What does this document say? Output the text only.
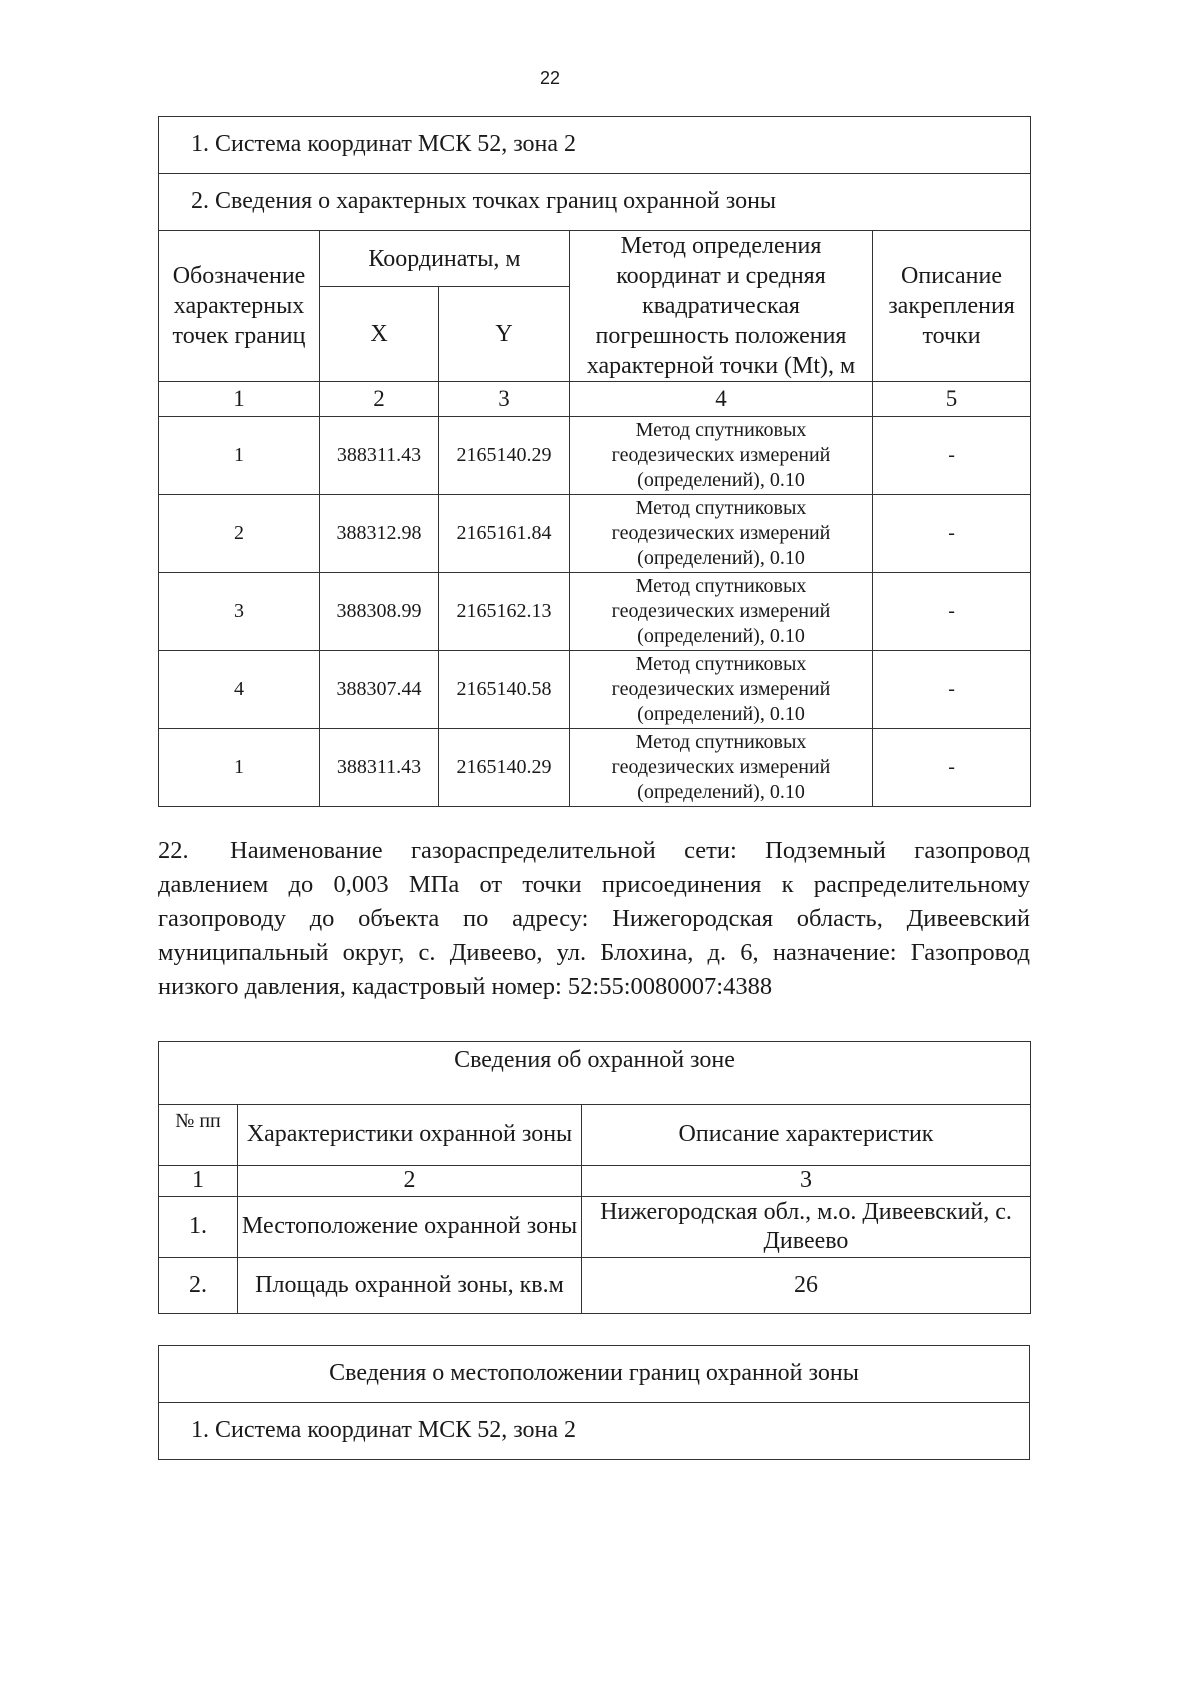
22
1. Система координат МСК 52, зона 2				
2. Сведения о характерных точках границ охранной зоны				
Обозначение характерных точек границ	Координаты, м		Метод определения координат и средняя квадратическая погрешность положения характерной точки (Mt), м	Описание закрепления точки
	X	Y		
1	2	3	4	5
1	388311.43	2165140.29	Метод спутниковых геодезических измерений (определений), 0.10	-
2	388312.98	2165161.84	Метод спутниковых геодезических измерений (определений), 0.10	-
3	388308.99	2165162.13	Метод спутниковых геодезических измерений (определений), 0.10	-
4	388307.44	2165140.58	Метод спутниковых геодезических измерений (определений), 0.10	-
1	388311.43	2165140.29	Метод спутниковых геодезических измерений (определений), 0.10	-

22. Наименование газораспределительной сети: Подземный газопровод давлением до 0,003 МПа от точки присоединения к распределительному газопроводу до объекта по адресу: Нижегородская область, Дивеевский муниципальный округ, с. Дивеево, ул. Блохина, д. 6, назначение: Газопровод низкого давления, кадастровый номер: 52:55:0080007:4388

Сведения об охранной зоне		
№ пп	Характеристики охранной зоны	Описание характеристик
1	2	3
1.	Местоположение охранной зоны	Нижегородская обл., м.о. Дивеевский, с. Дивеево
2.	Площадь охранной зоны, кв.м	26
Сведения о местоположении границ охранной зоны
1. Система координат МСК 52, зона 2
